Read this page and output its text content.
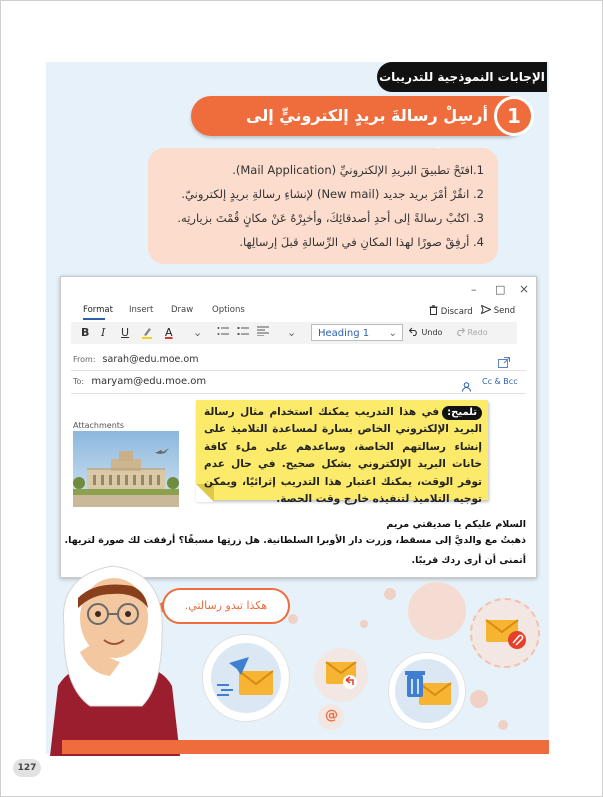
الإجابات النموذجية للتدريبات
أرسِلْ رسالةَ بريدٍ إلكترونيٍّ إلى	1
1.افتَحْ تطبيقَ البريدِ الإلكترونيِّ (Mail Application).
2. انقُرْ أمْرَ بريد جديد (New mail) لإنشاءِ رسالةِ بريدٍ إلكترونيّ.
3. اكتُبْ رسالةً إلى أحدِ أصدقائِكَ، وأخبِرْهُ عَنْ مكانٍ قُمْتَ بزيارتِه.
4. أرفِقْ صورًا لهذا المكانِ في الرِّسالةِ قبلَ إرسالِها.
– □ ×
Format Insert Draw Options	Discard	Send
B I U	A ⌄	⌄	Heading 1 ⌄	Undo	Redo
From: sarah@edu.moe.om
To: maryam@edu.moe.om	Cc & Bcc
Attachments
السلام عليكم يا صديقتي مريم
ذهبتُ مع والديَّ إلى مسقط، وزرت دار الأوبرا السلطانية. هل زرتِها مسبقًا؟ أرفقت لك صورة لتريها.
أتمنى أن أرى ردك قريبًا.
تلميح:في هذا التدريب يمكنك استخدام مثال رسالة البريد الإلكتروني الخاص بسارة لمساعدة التلاميذ على إنشاء رسالتهم الخاصة، وساعدهم على ملء كافة خانات البريد الإلكتروني بشكل صحيح. في حال عدم توفر الوقت، يمكنك اعتبار هذا التدريب إثرائيًا، ويمكن توجيه التلاميذ لتنفيذه خارج وقت الحصة.
@
هكذا تبدو رسالتي.
127
